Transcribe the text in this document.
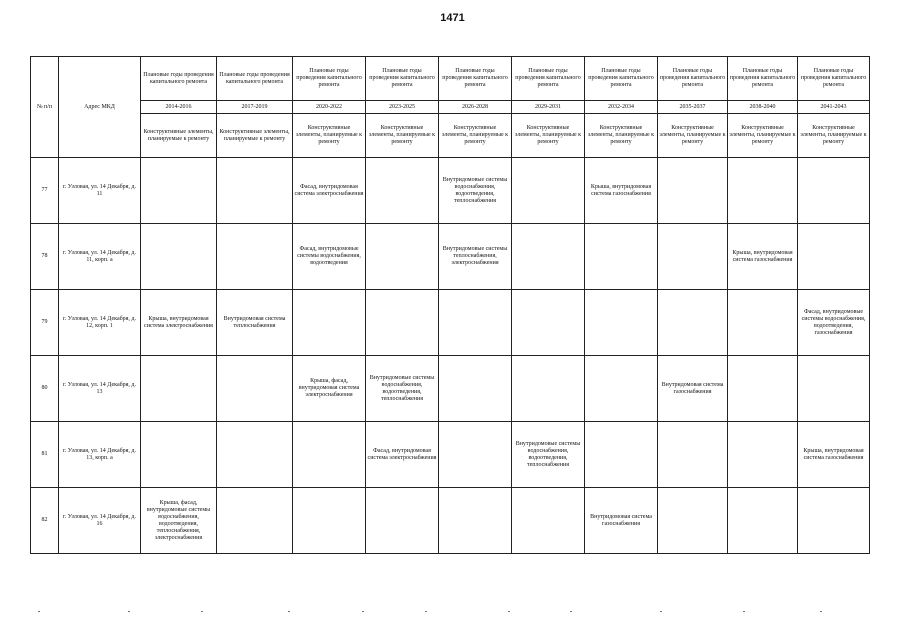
1471
№ п/п	Адрес МКД	Плановые годы проведения капитального ремонта	Плановые годы проведения капитального ремонта	Плановые годы проведения капитального ремонта	Плановые годы проведения капитального ремонта	Плановые годы проведения капитального ремонта	Плановые годы проведения капитального ремонта	Плановые годы проведения капитального ремонта	Плановые годы проведения капитального ремонта	Плановые годы проведения капитального ремонта	Плановые годы проведения капитального ремонта
		2014-2016	2017-2019	2020-2022	2023-2025	2026-2028	2029-2031	2032-2034	2035-2037	2038-2040	2041-2043
		Конструктивные элементы, планируемые к ремонту	Конструктивные элементы, планируемые к ремонту	Конструктивные элементы, планируемые к ремонту	Конструктивные элементы, планируемые к ремонту	Конструктивные элементы, планируемые к ремонту	Конструктивные элементы, планируемые к ремонту	Конструктивные элементы, планируемые к ремонту	Конструктивные элементы, планируемые к ремонту	Конструктивные элементы, планируемые к ремонту	Конструктивные элементы, планируемые к ремонту
77	г. Узловая, ул. 14 Декабря, д. 11			Фасад, внутридомовая система электроснабжения		Внутридомовые системы водоснабжения, водоотведения, теплоснабжения		Крыша, внутридомовая система газоснабжения			
78	г. Узловая, ул. 14 Декабря, д. 11, корп. а			Фасад, внутридомовые системы водоснабжения, водоотведения		Внутридомовые системы теплоснабжения, электроснабжения				Крыша, внутридомовая система газоснабжения	
79	г. Узловая, ул. 14 Декабря, д. 12, корп. 1	Крыша, внутридомовая система электроснабжения	Внутридомовая система теплоснабжения								Фасад, внутридомовые системы водоснабжения, водоотведения, газоснабжения
80	г. Узловая, ул. 14 Декабря, д. 13			Крыша, фасад, внутридомовая система электроснабжения	Внутридомовые системы водоснабжения, водоотведения, теплоснабжения				Внутридомовая система газоснабжения		
81	г. Узловая, ул. 14 Декабря, д. 13, корп. а				Фасад, внутридомовая система электроснабжения		Внутридомовые системы водоснабжения, водоотведения, теплоснабжения				Крыша, внутридомовая система газоснабжения
82	г. Узловая, ул. 14 Декабря, д. 16	Крыша, фасад, внутридомовые системы водоснабжения, водоотведения, теплоснабжения, электроснабжения						Внутридомовая система газоснабжения			
